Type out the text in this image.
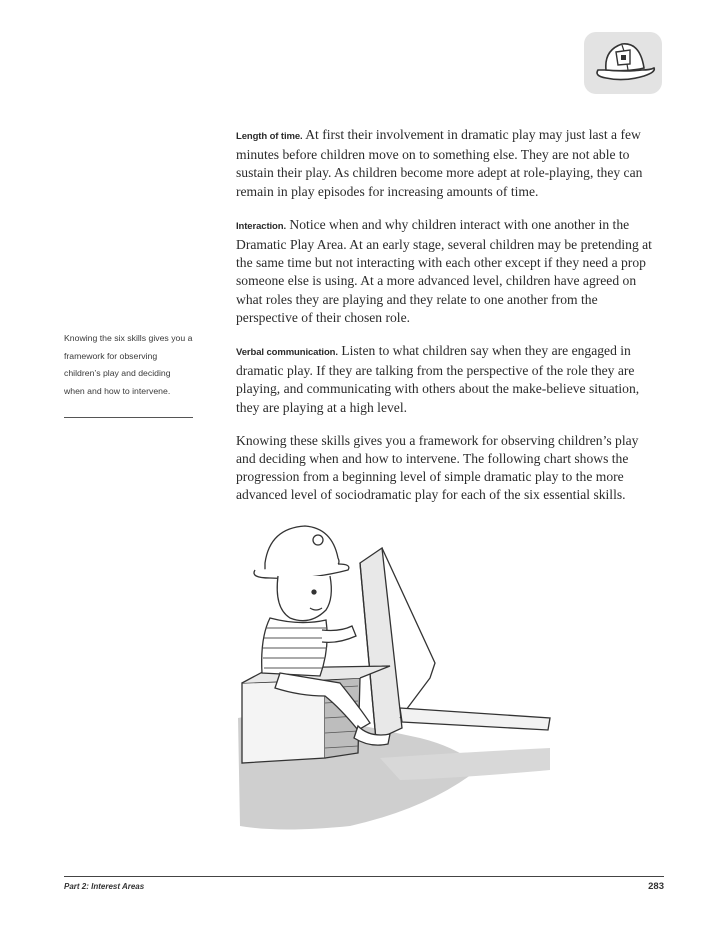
Length of time. At first their involvement in dramatic play may just last a few minutes before children move on to something else. They are not able to sustain their play. As children become more adept at role-playing, they can remain in play episodes for increasing amounts of time.

Interaction. Notice when and why children interact with one another in the Dramatic Play Area. At an early stage, several children may be pretending at the same time but not interacting with each other except if they need a prop someone else is using. At a more advanced level, children have agreed on what roles they are playing and they relate to one another from the perspective of their chosen role.

Verbal communication. Listen to what children say when they are engaged in dramatic play. If they are talking from the perspective of the role they are playing, and communicating with others about the make-believe situation, they are playing at a high level.

Knowing these skills gives you a framework for observing children’s play and deciding when and how to intervene. The following chart shows the progression from a beginning level of simple dramatic play to the more advanced level of sociodramatic play for each of the six essential skills.

Knowing the six skills gives you a framework for observing children’s play and deciding when and how to intervene.
Part 2: Interest Areas	283
